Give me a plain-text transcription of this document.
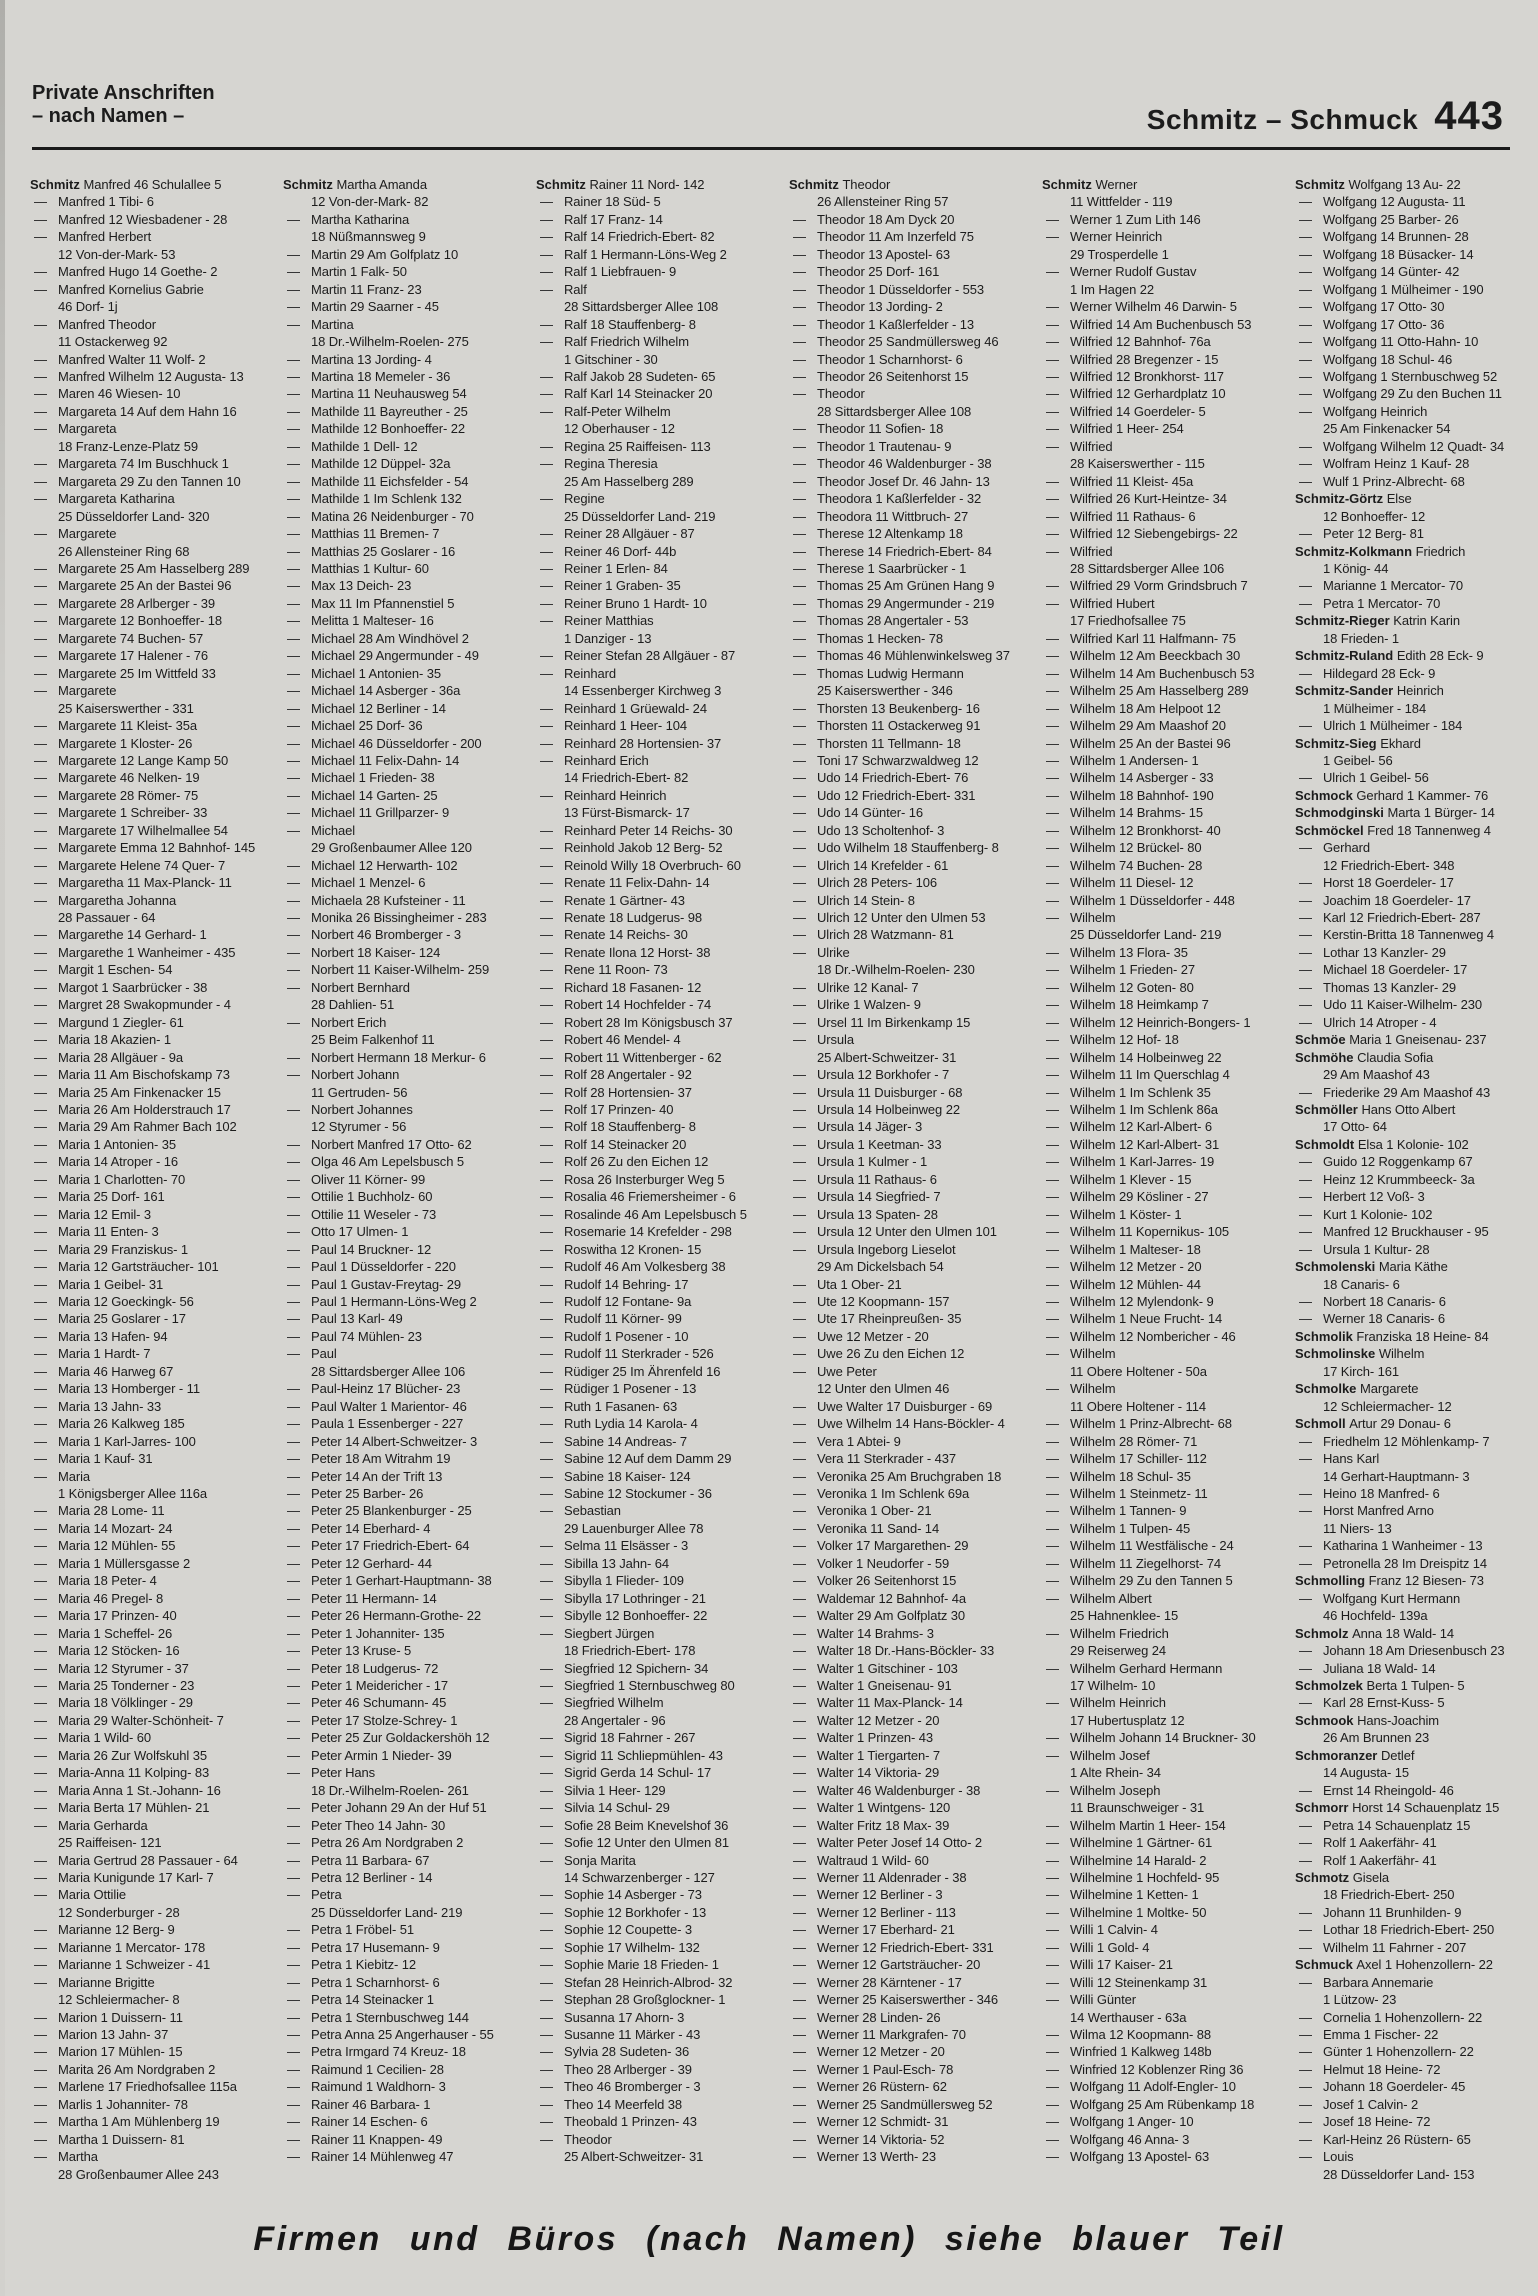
Private Anschriften
– nach Namen –	Schmitz – Schmuck 443
Schmitz Manfred 46 Schulallee 5
— Manfred 1 Tibi- 6
— Manfred 12 Wiesbadener - 28
— Manfred Herbert
12 Von-der-Mark- 53
— Manfred Hugo 14 Goethe- 2
— Manfred Kornelius Gabrie
46 Dorf- 1j
— Manfred Theodor
11 Ostackerweg 92
— Manfred Walter 11 Wolf- 2
— Manfred Wilhelm 12 Augusta- 13
— Maren 46 Wiesen- 10
— Margareta 14 Auf dem Hahn 16
— Margareta
18 Franz-Lenze-Platz 59
— Margareta 74 Im Buschhuck 1
— Margareta 29 Zu den Tannen 10
— Margareta Katharina
25 Düsseldorfer Land- 320
— Margarete
26 Allensteiner Ring 68
— Margarete 25 Am Hasselberg 289
— Margarete 25 An der Bastei 96
— Margarete 28 Arlberger - 39
— Margarete 12 Bonhoeffer- 18
— Margarete 74 Buchen- 57
— Margarete 17 Halener - 76
— Margarete 25 Im Wittfeld 33
— Margarete
25 Kaiserswerther - 331
— Margarete 11 Kleist- 35a
— Margarete 1 Kloster- 26
— Margarete 12 Lange Kamp 50
— Margarete 46 Nelken- 19
— Margarete 28 Römer- 75
— Margarete 1 Schreiber- 33
— Margarete 17 Wilhelmallee 54
— Margarete Emma 12 Bahnhof- 145
— Margarete Helene 74 Quer- 7
— Margaretha 11 Max-Planck- 11
— Margaretha Johanna
28 Passauer - 64
— Margarethe 14 Gerhard- 1
— Margarethe 1 Wanheimer - 435
— Margit 1 Eschen- 54
— Margot 1 Saarbrücker - 38
— Margret 28 Swakopmunder - 4
— Margund 1 Ziegler- 61
— Maria 18 Akazien- 1
— Maria 28 Allgäuer - 9a
— Maria 11 Am Bischofskamp 73
— Maria 25 Am Finkenacker 15
— Maria 26 Am Holderstrauch 17
— Maria 29 Am Rahmer Bach 102
— Maria 1 Antonien- 35
— Maria 14 Atroper - 16
— Maria 1 Charlotten- 70
— Maria 25 Dorf- 161
— Maria 12 Emil- 3
— Maria 11 Enten- 3
— Maria 29 Franziskus- 1
— Maria 12 Gartsträucher- 101
— Maria 1 Geibel- 31
— Maria 12 Goeckingk- 56
— Maria 25 Goslarer - 17
— Maria 13 Hafen- 94
— Maria 1 Hardt- 7
— Maria 46 Harweg 67
— Maria 13 Homberger - 11
— Maria 13 Jahn- 33
— Maria 26 Kalkweg 185
— Maria 1 Karl-Jarres- 100
— Maria 1 Kauf- 31
— Maria
1 Königsberger Allee 116a
— Maria 28 Lome- 11
— Maria 14 Mozart- 24
— Maria 12 Mühlen- 55
— Maria 1 Müllersgasse 2
— Maria 18 Peter- 4
— Maria 46 Pregel- 8
— Maria 17 Prinzen- 40
— Maria 1 Scheffel- 26
— Maria 12 Stöcken- 16
— Maria 12 Styrumer - 37
— Maria 25 Tonderner - 23
— Maria 18 Völklinger - 29
— Maria 29 Walter-Schönheit- 7
— Maria 1 Wild- 60
— Maria 26 Zur Wolfskuhl 35
— Maria-Anna 11 Kolping- 83
— Maria Anna 1 St.-Johann- 16
— Maria Berta 17 Mühlen- 21
— Maria Gerharda
25 Raiffeisen- 121
— Maria Gertrud 28 Passauer - 64
— Maria Kunigunde 17 Karl- 7
— Maria Ottilie
12 Sonderburger - 28
— Marianne 12 Berg- 9
— Marianne 1 Mercator- 178
— Marianne 1 Schweizer - 41
— Marianne Brigitte
12 Schleiermacher- 8
— Marion 1 Duissern- 11
— Marion 13 Jahn- 37
— Marion 17 Mühlen- 15
— Marita 26 Am Nordgraben 2
— Marlene 17 Friedhofsallee 115a
— Marlis 1 Johanniter- 78
— Martha 1 Am Mühlenberg 19
— Martha 1 Duissern- 81
— Martha
28 Großenbaumer Allee 243
Schmitz Martha Amanda
12 Von-der-Mark- 82
— Martha Katharina
18 Nüßmannsweg 9
— Martin 29 Am Golfplatz 10
— Martin 1 Falk- 50
— Martin 11 Franz- 23
— Martin 29 Saarner - 45
— Martina
18 Dr.-Wilhelm-Roelen- 275
— Martina 13 Jording- 4
— Martina 18 Memeler - 36
— Martina 11 Neuhausweg 54
— Mathilde 11 Bayreuther - 25
— Mathilde 12 Bonhoeffer- 22
— Mathilde 1 Dell- 12
— Mathilde 12 Düppel- 32a
— Mathilde 11 Eichsfelder - 54
— Mathilde 1 Im Schlenk 132
— Matina 26 Neidenburger - 70
— Matthias 11 Bremen- 7
— Matthias 25 Goslarer - 16
— Matthias 1 Kultur- 60
— Max 13 Deich- 23
— Max 11 Im Pfannenstiel 5
— Melitta 1 Malteser- 16
— Michael 28 Am Windhövel 2
— Michael 29 Angermunder - 49
— Michael 1 Antonien- 35
— Michael 14 Asberger - 36a
— Michael 12 Berliner - 14
— Michael 25 Dorf- 36
— Michael 46 Düsseldorfer - 200
— Michael 11 Felix-Dahn- 14
— Michael 1 Frieden- 38
— Michael 14 Garten- 25
— Michael 11 Grillparzer- 9
— Michael
29 Großenbaumer Allee 120
— Michael 12 Herwarth- 102
— Michael 1 Menzel- 6
— Michaela 28 Kufsteiner - 11
— Monika 26 Bissingheimer - 283
— Norbert 46 Bromberger - 3
— Norbert 18 Kaiser- 124
— Norbert 11 Kaiser-Wilhelm- 259
— Norbert Bernhard
28 Dahlien- 51
— Norbert Erich
25 Beim Falkenhof 11
— Norbert Hermann 18 Merkur- 6
— Norbert Johann
11 Gertruden- 56
— Norbert Johannes
12 Styrumer - 56
— Norbert Manfred 17 Otto- 62
— Olga 46 Am Lepelsbusch 5
— Oliver 11 Körner- 99
— Ottilie 1 Buchholz- 60
— Ottilie 11 Weseler - 73
— Otto 17 Ulmen- 1
— Paul 14 Bruckner- 12
— Paul 1 Düsseldorfer - 220
— Paul 1 Gustav-Freytag- 29
— Paul 1 Hermann-Löns-Weg 2
— Paul 13 Karl- 49
— Paul 74 Mühlen- 23
— Paul
28 Sittardsberger Allee 106
— Paul-Heinz 17 Blücher- 23
— Paul Walter 1 Marientor- 46
— Paula 1 Essenberger - 227
— Peter 14 Albert-Schweitzer- 3
— Peter 18 Am Witrahm 19
— Peter 14 An der Trift 13
— Peter 25 Barber- 26
— Peter 25 Blankenburger - 25
— Peter 14 Eberhard- 4
— Peter 17 Friedrich-Ebert- 64
— Peter 12 Gerhard- 44
— Peter 1 Gerhart-Hauptmann- 38
— Peter 11 Hermann- 14
— Peter 26 Hermann-Grothe- 22
— Peter 1 Johanniter- 135
— Peter 13 Kruse- 5
— Peter 18 Ludgerus- 72
— Peter 1 Meidericher - 17
— Peter 46 Schumann- 45
— Peter 17 Stolze-Schrey- 1
— Peter 25 Zur Goldackershöh 12
— Peter Armin 1 Nieder- 39
— Peter Hans
18 Dr.-Wilhelm-Roelen- 261
— Peter Johann 29 An der Huf 51
— Peter Theo 14 Jahn- 30
— Petra 26 Am Nordgraben 2
— Petra 11 Barbara- 67
— Petra 12 Berliner - 14
— Petra
25 Düsseldorfer Land- 219
— Petra 1 Fröbel- 51
— Petra 17 Husemann- 9
— Petra 1 Kiebitz- 12
— Petra 1 Scharnhorst- 6
— Petra 14 Steinacker 1
— Petra 1 Sternbuschweg 144
— Petra Anna 25 Angerhauser - 55
— Petra Irmgard 74 Kreuz- 18
— Raimund 1 Cecilien- 28
— Raimund 1 Waldhorn- 3
— Rainer 46 Barbara- 1
— Rainer 14 Eschen- 6
— Rainer 11 Knappen- 49
— Rainer 14 Mühlenweg 47
Schmitz Rainer 11 Nord- 142
— Rainer 18 Süd- 5
— Ralf 17 Franz- 14
— Ralf 14 Friedrich-Ebert- 82
— Ralf 1 Hermann-Löns-Weg 2
— Ralf 1 Liebfrauen- 9
— Ralf
28 Sittardsberger Allee 108
— Ralf 18 Stauffenberg- 8
— Ralf Friedrich Wilhelm
1 Gitschiner - 30
— Ralf Jakob 28 Sudeten- 65
— Ralf Karl 14 Steinacker 20
— Ralf-Peter Wilhelm
12 Oberhauser - 12
— Regina 25 Raiffeisen- 113
— Regina Theresia
25 Am Hasselberg 289
— Regine
25 Düsseldorfer Land- 219
— Reiner 28 Allgäuer - 87
— Reiner 46 Dorf- 44b
— Reiner 1 Erlen- 84
— Reiner 1 Graben- 35
— Reiner Bruno 1 Hardt- 10
— Reiner Matthias
1 Danziger - 13
— Reiner Stefan 28 Allgäuer - 87
— Reinhard
14 Essenberger Kirchweg 3
— Reinhard 1 Grüewald- 24
— Reinhard 1 Heer- 104
— Reinhard 28 Hortensien- 37
— Reinhard Erich
14 Friedrich-Ebert- 82
— Reinhard Heinrich
13 Fürst-Bismarck- 17
— Reinhard Peter 14 Reichs- 30
— Reinhold Jakob 12 Berg- 52
— Reinold Willy 18 Overbruch- 60
— Renate 11 Felix-Dahn- 14
— Renate 1 Gärtner- 43
— Renate 18 Ludgerus- 98
— Renate 14 Reichs- 30
— Renate Ilona 12 Horst- 38
— Rene 11 Roon- 73
— Richard 18 Fasanen- 12
— Robert 14 Hochfelder - 74
— Robert 28 Im Königsbusch 37
— Robert 46 Mendel- 4
— Robert 11 Wittenberger - 62
— Rolf 28 Angertaler - 92
— Rolf 28 Hortensien- 37
— Rolf 17 Prinzen- 40
— Rolf 18 Stauffenberg- 8
— Rolf 14 Steinacker 20
— Rolf 26 Zu den Eichen 12
— Rosa 26 Insterburger Weg 5
— Rosalia 46 Friemersheimer - 6
— Rosalinde 46 Am Lepelsbusch 5
— Rosemarie 14 Krefelder - 298
— Roswitha 12 Kronen- 15
— Rudolf 46 Am Volkesberg 38
— Rudolf 14 Behring- 17
— Rudolf 12 Fontane- 9a
— Rudolf 11 Körner- 99
— Rudolf 1 Posener - 10
— Rudolf 11 Sterkrader - 526
— Rüdiger 25 Im Ährenfeld 16
— Rüdiger 1 Posener - 13
— Ruth 1 Fasanen- 63
— Ruth Lydia 14 Karola- 4
— Sabine 14 Andreas- 7
— Sabine 12 Auf dem Damm 29
— Sabine 18 Kaiser- 124
— Sabine 12 Stockumer - 36
— Sebastian
29 Lauenburger Allee 78
— Selma 11 Elsässer - 3
— Sibilla 13 Jahn- 64
— Sibylla 1 Flieder- 109
— Sibylla 17 Lothringer - 21
— Sibylle 12 Bonhoeffer- 22
— Siegbert Jürgen
18 Friedrich-Ebert- 178
— Siegfried 12 Spichern- 34
— Siegfried 1 Sternbuschweg 80
— Siegfried Wilhelm
28 Angertaler - 96
— Sigrid 18 Fahrner - 267
— Sigrid 11 Schliepmühlen- 43
— Sigrid Gerda 14 Schul- 17
— Silvia 1 Heer- 129
— Silvia 14 Schul- 29
— Sofie 28 Beim Knevelshof 36
— Sofie 12 Unter den Ulmen 81
— Sonja Marita
14 Schwarzenberger - 127
— Sophie 14 Asberger - 73
— Sophie 12 Borkhofer - 13
— Sophie 12 Coupette- 3
— Sophie 17 Wilhelm- 132
— Sophie Marie 18 Frieden- 1
— Stefan 28 Heinrich-Albrod- 32
— Stephan 28 Großglockner- 1
— Susanna 17 Ahorn- 3
— Susanne 11 Märker - 43
— Sylvia 28 Sudeten- 36
— Theo 28 Arlberger - 39
— Theo 46 Bromberger - 3
— Theo 14 Meerfeld 38
— Theobald 1 Prinzen- 43
— Theodor
25 Albert-Schweitzer- 31
Schmitz Theodor
26 Allensteiner Ring 57
— Theodor 18 Am Dyck 20
— Theodor 11 Am Inzerfeld 75
— Theodor 13 Apostel- 63
— Theodor 25 Dorf- 161
— Theodor 1 Düsseldorfer - 553
— Theodor 13 Jording- 2
— Theodor 1 Kaßlerfelder - 13
— Theodor 25 Sandmüllersweg 46
— Theodor 1 Scharnhorst- 6
— Theodor 26 Seitenhorst 15
— Theodor
28 Sittardsberger Allee 108
— Theodor 11 Sofien- 18
— Theodor 1 Trautenau- 9
— Theodor 46 Waldenburger - 38
— Theodor Josef Dr. 46 Jahn- 13
— Theodora 1 Kaßlerfelder - 32
— Theodora 11 Wittbruch- 27
— Therese 12 Altenkamp 18
— Therese 14 Friedrich-Ebert- 84
— Therese 1 Saarbrücker - 1
— Thomas 25 Am Grünen Hang 9
— Thomas 29 Angermunder - 219
— Thomas 28 Angertaler - 53
— Thomas 1 Hecken- 78
— Thomas 46 Mühlenwinkelsweg 37
— Thomas Ludwig Hermann
25 Kaiserswerther - 346
— Thorsten 13 Beukenberg- 16
— Thorsten 11 Ostackerweg 91
— Thorsten 11 Tellmann- 18
— Toni 17 Schwarzwaldweg 12
— Udo 14 Friedrich-Ebert- 76
— Udo 12 Friedrich-Ebert- 331
— Udo 14 Günter- 16
— Udo 13 Scholtenhof- 3
— Udo Wilhelm 18 Stauffenberg- 8
— Ulrich 14 Krefelder - 61
— Ulrich 28 Peters- 106
— Ulrich 14 Stein- 8
— Ulrich 12 Unter den Ulmen 53
— Ulrich 28 Watzmann- 81
— Ulrike
18 Dr.-Wilhelm-Roelen- 230
— Ulrike 12 Kanal- 7
— Ulrike 1 Walzen- 9
— Ursel 11 Im Birkenkamp 15
— Ursula
25 Albert-Schweitzer- 31
— Ursula 12 Borkhofer - 7
— Ursula 11 Duisburger - 68
— Ursula 14 Holbeinweg 22
— Ursula 14 Jäger- 3
— Ursula 1 Keetman- 33
— Ursula 1 Kulmer - 1
— Ursula 11 Rathaus- 6
— Ursula 14 Siegfried- 7
— Ursula 13 Spaten- 28
— Ursula 12 Unter den Ulmen 101
— Ursula Ingeborg Lieselot
29 Am Dickelsbach 54
— Uta 1 Ober- 21
— Ute 12 Koopmann- 157
— Ute 17 Rheinpreußen- 35
— Uwe 12 Metzer - 20
— Uwe 26 Zu den Eichen 12
— Uwe Peter
12 Unter den Ulmen 46
— Uwe Walter 17 Duisburger - 69
— Uwe Wilhelm 14 Hans-Böckler- 4
— Vera 1 Abtei- 9
— Vera 11 Sterkrader - 437
— Veronika 25 Am Bruchgraben 18
— Veronika 1 Im Schlenk 69a
— Veronika 1 Ober- 21
— Veronika 11 Sand- 14
— Volker 17 Margarethen- 29
— Volker 1 Neudorfer - 59
— Volker 26 Seitenhorst 15
— Waldemar 12 Bahnhof- 4a
— Walter 29 Am Golfplatz 30
— Walter 14 Brahms- 3
— Walter 18 Dr.-Hans-Böckler- 33
— Walter 1 Gitschiner - 103
— Walter 1 Gneisenau- 91
— Walter 11 Max-Planck- 14
— Walter 12 Metzer - 20
— Walter 1 Prinzen- 43
— Walter 1 Tiergarten- 7
— Walter 14 Viktoria- 29
— Walter 46 Waldenburger - 38
— Walter 1 Wintgens- 120
— Walter Fritz 18 Max- 39
— Walter Peter Josef 14 Otto- 2
— Waltraud 1 Wild- 60
— Werner 11 Aldenrader - 38
— Werner 12 Berliner - 3
— Werner 12 Berliner - 113
— Werner 17 Eberhard- 21
— Werner 12 Friedrich-Ebert- 331
— Werner 12 Gartsträucher- 20
— Werner 28 Kärntener - 17
— Werner 25 Kaiserswerther - 346
— Werner 28 Linden- 26
— Werner 11 Markgrafen- 70
— Werner 12 Metzer - 20
— Werner 1 Paul-Esch- 78
— Werner 26 Rüstern- 62
— Werner 25 Sandmüllersweg 52
— Werner 12 Schmidt- 31
— Werner 14 Viktoria- 52
— Werner 13 Werth- 23
Schmitz Werner
11 Wittfelder - 119
— Werner 1 Zum Lith 146
— Werner Heinrich
29 Trosperdelle 1
— Werner Rudolf Gustav
1 Im Hagen 22
— Werner Wilhelm 46 Darwin- 5
— Wilfried 14 Am Buchenbusch 53
— Wilfried 12 Bahnhof- 76a
— Wilfried 28 Bregenzer - 15
— Wilfried 12 Bronkhorst- 117
— Wilfried 12 Gerhardplatz 10
— Wilfried 14 Goerdeler- 5
— Wilfried 1 Heer- 254
— Wilfried
28 Kaiserswerther - 115
— Wilfried 11 Kleist- 45a
— Wilfried 26 Kurt-Heintze- 34
— Wilfried 11 Rathaus- 6
— Wilfried 12 Siebengebirgs- 22
— Wilfried
28 Sittardsberger Allee 106
— Wilfried 29 Vorm Grindsbruch 7
— Wilfried Hubert
17 Friedhofsallee 75
— Wilfried Karl 11 Halfmann- 75
— Wilhelm 12 Am Beeckbach 30
— Wilhelm 14 Am Buchenbusch 53
— Wilhelm 25 Am Hasselberg 289
— Wilhelm 18 Am Helpoot 12
— Wilhelm 29 Am Maashof 20
— Wilhelm 25 An der Bastei 96
— Wilhelm 1 Andersen- 1
— Wilhelm 14 Asberger - 33
— Wilhelm 18 Bahnhof- 190
— Wilhelm 14 Brahms- 15
— Wilhelm 12 Bronkhorst- 40
— Wilhelm 12 Brückel- 80
— Wilhelm 74 Buchen- 28
— Wilhelm 11 Diesel- 12
— Wilhelm 1 Düsseldorfer - 448
— Wilhelm
25 Düsseldorfer Land- 219
— Wilhelm 13 Flora- 35
— Wilhelm 1 Frieden- 27
— Wilhelm 12 Goten- 80
— Wilhelm 18 Heimkamp 7
— Wilhelm 12 Heinrich-Bongers- 1
— Wilhelm 12 Hof- 18
— Wilhelm 14 Holbeinweg 22
— Wilhelm 11 Im Querschlag 4
— Wilhelm 1 Im Schlenk 35
— Wilhelm 1 Im Schlenk 86a
— Wilhelm 12 Karl-Albert- 6
— Wilhelm 12 Karl-Albert- 31
— Wilhelm 1 Karl-Jarres- 19
— Wilhelm 1 Klever - 15
— Wilhelm 29 Kösliner - 27
— Wilhelm 1 Köster- 1
— Wilhelm 11 Kopernikus- 105
— Wilhelm 1 Malteser- 18
— Wilhelm 12 Metzer - 20
— Wilhelm 12 Mühlen- 44
— Wilhelm 12 Mylendonk- 9
— Wilhelm 1 Neue Frucht- 14
— Wilhelm 12 Nombericher - 46
— Wilhelm
11 Obere Holtener - 50a
— Wilhelm
11 Obere Holtener - 114
— Wilhelm 1 Prinz-Albrecht- 68
— Wilhelm 28 Römer- 71
— Wilhelm 17 Schiller- 112
— Wilhelm 18 Schul- 35
— Wilhelm 1 Steinmetz- 11
— Wilhelm 1 Tannen- 9
— Wilhelm 1 Tulpen- 45
— Wilhelm 11 Westfälische - 24
— Wilhelm 11 Ziegelhorst- 74
— Wilhelm 29 Zu den Tannen 5
— Wilhelm Albert
25 Hahnenklee- 15
— Wilhelm Friedrich
29 Reiserweg 24
— Wilhelm Gerhard Hermann
17 Wilhelm- 10
— Wilhelm Heinrich
17 Hubertusplatz 12
— Wilhelm Johann 14 Bruckner- 30
— Wilhelm Josef
1 Alte Rhein- 34
— Wilhelm Joseph
11 Braunschweiger - 31
— Wilhelm Martin 1 Heer- 154
— Wilhelmine 1 Gärtner- 61
— Wilhelmine 14 Harald- 2
— Wilhelmine 1 Hochfeld- 95
— Wilhelmine 1 Ketten- 1
— Wilhelmine 1 Moltke- 50
— Willi 1 Calvin- 4
— Willi 1 Gold- 4
— Willi 17 Kaiser- 21
— Willi 12 Steinenkamp 31
— Willi Günter
14 Werthauser - 63a
— Wilma 12 Koopmann- 88
— Winfried 1 Kalkweg 148b
— Winfried 12 Koblenzer Ring 36
— Wolfgang 11 Adolf-Engler- 10
— Wolfgang 25 Am Rübenkamp 18
— Wolfgang 1 Anger- 10
— Wolfgang 46 Anna- 3
— Wolfgang 13 Apostel- 63
Schmitz Wolfgang 13 Au- 22
— Wolfgang 12 Augusta- 11
— Wolfgang 25 Barber- 26
— Wolfgang 14 Brunnen- 28
— Wolfgang 18 Büsacker- 14
— Wolfgang 14 Günter- 42
— Wolfgang 1 Mülheimer - 190
— Wolfgang 17 Otto- 30
— Wolfgang 17 Otto- 36
— Wolfgang 11 Otto-Hahn- 10
— Wolfgang 18 Schul- 46
— Wolfgang 1 Sternbuschweg 52
— Wolfgang 29 Zu den Buchen 11
— Wolfgang Heinrich
25 Am Finkenacker 54
— Wolfgang Wilhelm 12 Quadt- 34
— Wolfram Heinz 1 Kauf- 28
— Wulf 1 Prinz-Albrecht- 68
Schmitz-Görtz Else
12 Bonhoeffer- 12
— Peter 12 Berg- 81
Schmitz-Kolkmann Friedrich
1 König- 44
— Marianne 1 Mercator- 70
— Petra 1 Mercator- 70
Schmitz-Rieger Katrin Karin
18 Frieden- 1
Schmitz-Ruland Edith 28 Eck- 9
— Hildegard 28 Eck- 9
Schmitz-Sander Heinrich
1 Mülheimer - 184
— Ulrich 1 Mülheimer - 184
Schmitz-Sieg Ekhard
1 Geibel- 56
— Ulrich 1 Geibel- 56
Schmock Gerhard 1 Kammer- 76
Schmodginski Marta 1 Bürger- 14
Schmöckel Fred 18 Tannenweg 4
— Gerhard
12 Friedrich-Ebert- 348
— Horst 18 Goerdeler- 17
— Joachim 18 Goerdeler- 17
— Karl 12 Friedrich-Ebert- 287
— Kerstin-Britta 18 Tannenweg 4
— Lothar 13 Kanzler- 29
— Michael 18 Goerdeler- 17
— Thomas 13 Kanzler- 29
— Udo 11 Kaiser-Wilhelm- 230
— Ulrich 14 Atroper - 4
Schmöe Maria 1 Gneisenau- 237
Schmöhe Claudia Sofia
29 Am Maashof 43
— Friederike 29 Am Maashof 43
Schmöller Hans Otto Albert
17 Otto- 64
Schmoldt Elsa 1 Kolonie- 102
— Guido 12 Roggenkamp 67
— Heinz 12 Krummbeeck- 3a
— Herbert 12 Voß- 3
— Kurt 1 Kolonie- 102
— Manfred 12 Bruckhauser - 95
— Ursula 1 Kultur- 28
Schmolenski Maria Käthe
18 Canaris- 6
— Norbert 18 Canaris- 6
— Werner 18 Canaris- 6
Schmolik Franziska 18 Heine- 84
Schmolinske Wilhelm
17 Kirch- 161
Schmolke Margarete
12 Schleiermacher- 12
Schmoll Artur 29 Donau- 6
— Friedhelm 12 Möhlenkamp- 7
— Hans Karl
14 Gerhart-Hauptmann- 3
— Heino 18 Manfred- 6
— Horst Manfred Arno
11 Niers- 13
— Katharina 1 Wanheimer - 13
— Petronella 28 Im Dreispitz 14
Schmolling Franz 12 Biesen- 73
— Wolfgang Kurt Hermann
46 Hochfeld- 139a
Schmolz Anna 18 Wald- 14
— Johann 18 Am Driesenbusch 23
— Juliana 18 Wald- 14
Schmolzek Berta 1 Tulpen- 5
— Karl 28 Ernst-Kuss- 5
Schmook Hans-Joachim
26 Am Brunnen 23
Schmoranzer Detlef
14 Augusta- 15
— Ernst 14 Rheingold- 46
Schmorr Horst 14 Schauenplatz 15
— Petra 14 Schauenplatz 15
— Rolf 1 Aakerfähr- 41
— Rolf 1 Aakerfähr- 41
Schmotz Gisela
18 Friedrich-Ebert- 250
— Johann 11 Brunhilden- 9
— Lothar 18 Friedrich-Ebert- 250
— Wilhelm 11 Fahrner - 207
Schmuck Axel 1 Hohenzollern- 22
— Barbara Annemarie
1 Lützow- 23
— Cornelia 1 Hohenzollern- 22
— Emma 1 Fischer- 22
— Günter 1 Hohenzollern- 22
— Helmut 18 Heine- 72
— Johann 18 Goerdeler- 45
— Josef 1 Calvin- 2
— Josef 18 Heine- 72
— Karl-Heinz 26 Rüstern- 65
— Louis
28 Düsseldorfer Land- 153
Firmen und Büros (nach Namen) siehe blauer Teil
